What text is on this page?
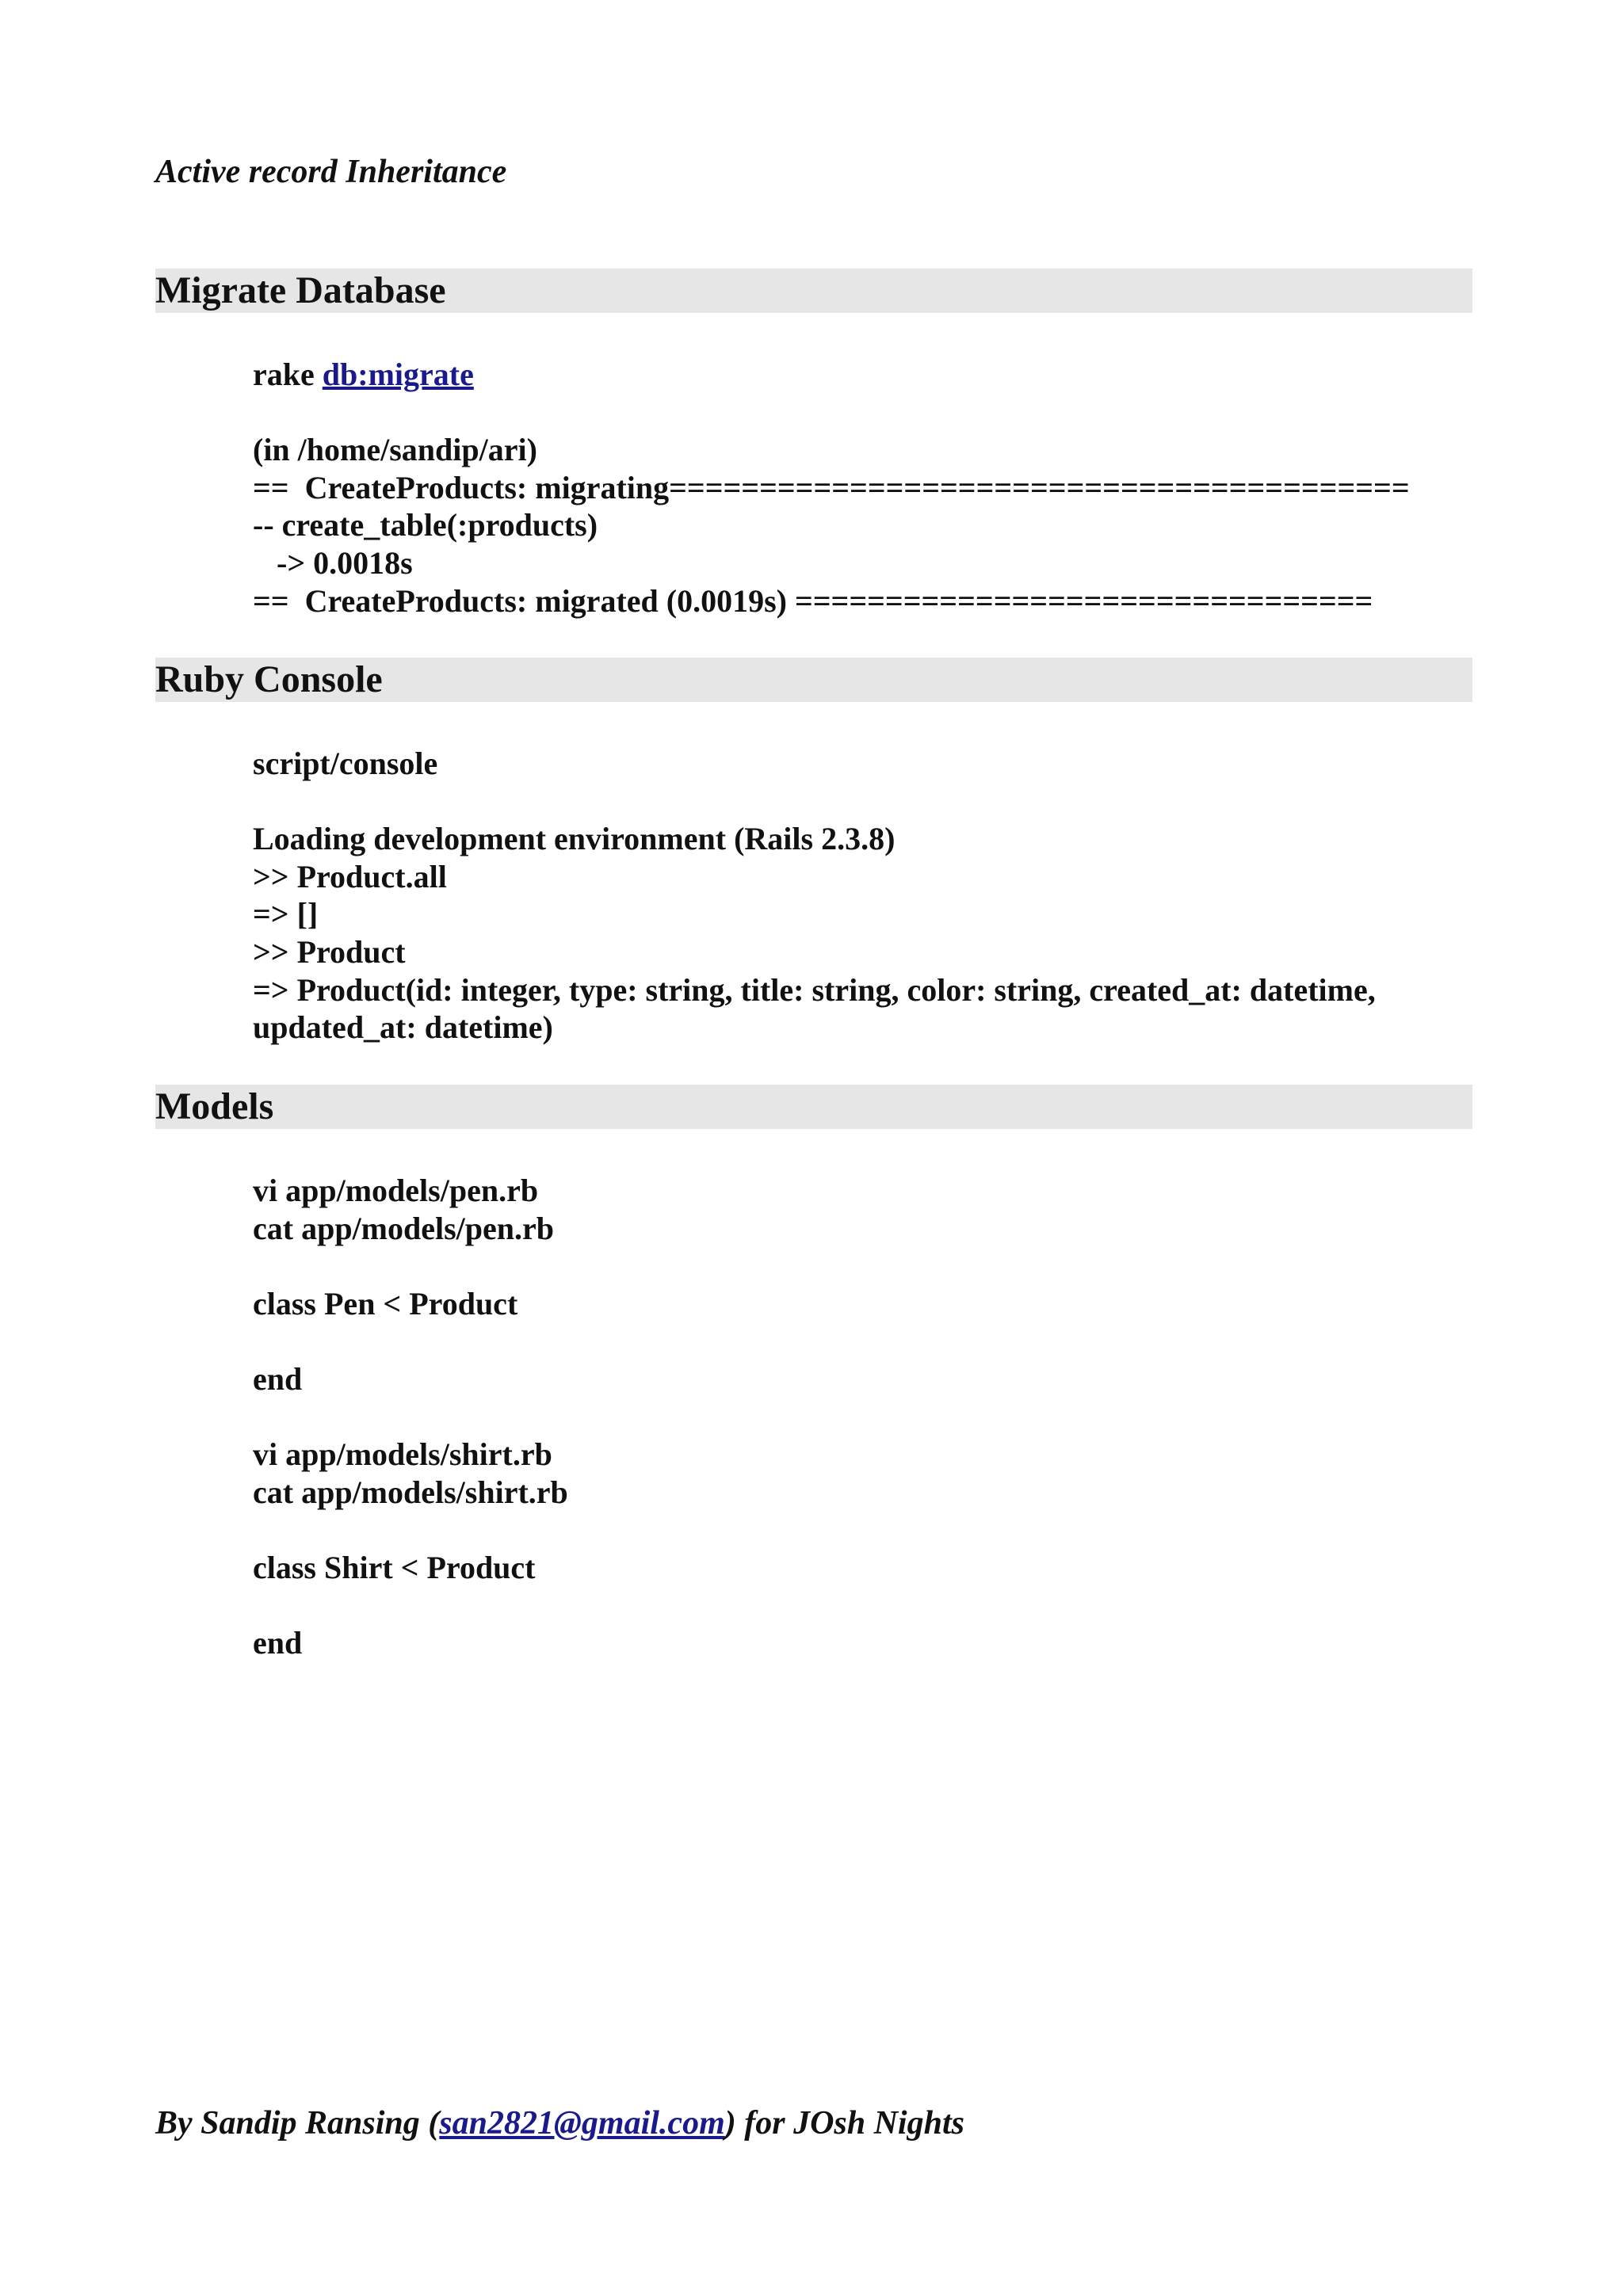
Active record Inheritance

Migrate Database
rake db:migrate
(in /home/sandip/ari)
==  CreateProducts: migrating=========================================
-- create_table(:products)
-> 0.0018s
==  CreateProducts: migrated (0.0019s) ================================
Ruby Console
script/console
Loading development environment (Rails 2.3.8)
>> Product.all
=> []
>> Product
=> Product(id: integer, type: string, title: string, color: string, created_at: datetime, updated_at: datetime)
Models
vi app/models/pen.rb
cat app/models/pen.rb
class Pen < Product
end
vi app/models/shirt.rb
cat app/models/shirt.rb
class Shirt < Product
end

By Sandip Ransing (san2821@gmail.com) for JOsh Nights
